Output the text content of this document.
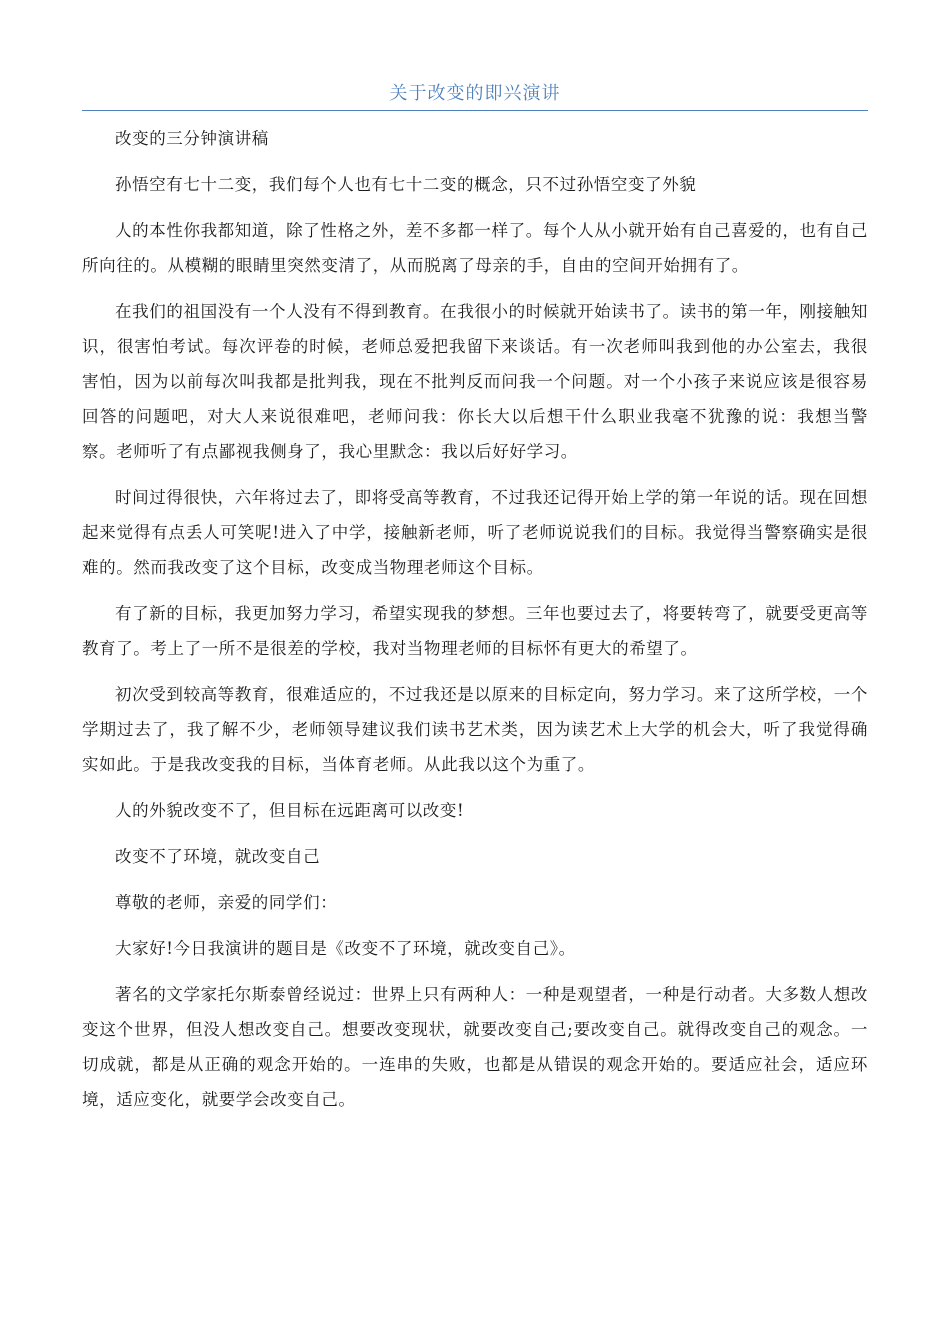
关于改变的即兴演讲

改变的三分钟演讲稿

孙悟空有七十二变，我们每个人也有七十二变的概念，只不过孙悟空变了外貌

人的本性你我都知道，除了性格之外，差不多都一样了。每个人从小就开始有自己喜爱的，也有自己所向往的。从模糊的眼睛里突然变清了，从而脱离了母亲的手，自由的空间开始拥有了。

在我们的祖国没有一个人没有不得到教育。在我很小的时候就开始读书了。读书的第一年，刚接触知识，很害怕考试。每次评卷的时候，老师总爱把我留下来谈话。有一次老师叫我到他的办公室去，我很害怕，因为以前每次叫我都是批判我，现在不批判反而问我一个问题。对一个小孩子来说应该是很容易回答的问题吧，对大人来说很难吧，老师问我：你长大以后想干什么职业我毫不犹豫的说：我想当警察。老师听了有点鄙视我侧身了，我心里默念：我以后好好学习。

时间过得很快，六年将过去了，即将受高等教育，不过我还记得开始上学的第一年说的话。现在回想起来觉得有点丢人可笑呢!进入了中学，接触新老师，听了老师说说我们的目标。我觉得当警察确实是很难的。然而我改变了这个目标，改变成当物理老师这个目标。

有了新的目标，我更加努力学习，希望实现我的梦想。三年也要过去了，将要转弯了，就要受更高等教育了。考上了一所不是很差的学校，我对当物理老师的目标怀有更大的希望了。

初次受到较高等教育，很难适应的，不过我还是以原来的目标定向，努力学习。来了这所学校，一个学期过去了，我了解不少，老师领导建议我们读书艺术类，因为读艺术上大学的机会大，听了我觉得确实如此。于是我改变我的目标，当体育老师。从此我以这个为重了。

人的外貌改变不了，但目标在远距离可以改变!

改变不了环境，就改变自己

尊敬的老师，亲爱的同学们：

大家好!今日我演讲的题目是《改变不了环境，就改变自己》。

著名的文学家托尔斯泰曾经说过：世界上只有两种人：一种是观望者，一种是行动者。大多数人想改变这个世界，但没人想改变自己。想要改变现状，就要改变自己;要改变自己。就得改变自己的观念。一切成就，都是从正确的观念开始的。一连串的失败，也都是从错误的观念开始的。要适应社会，适应环境，适应变化，就要学会改变自己。
